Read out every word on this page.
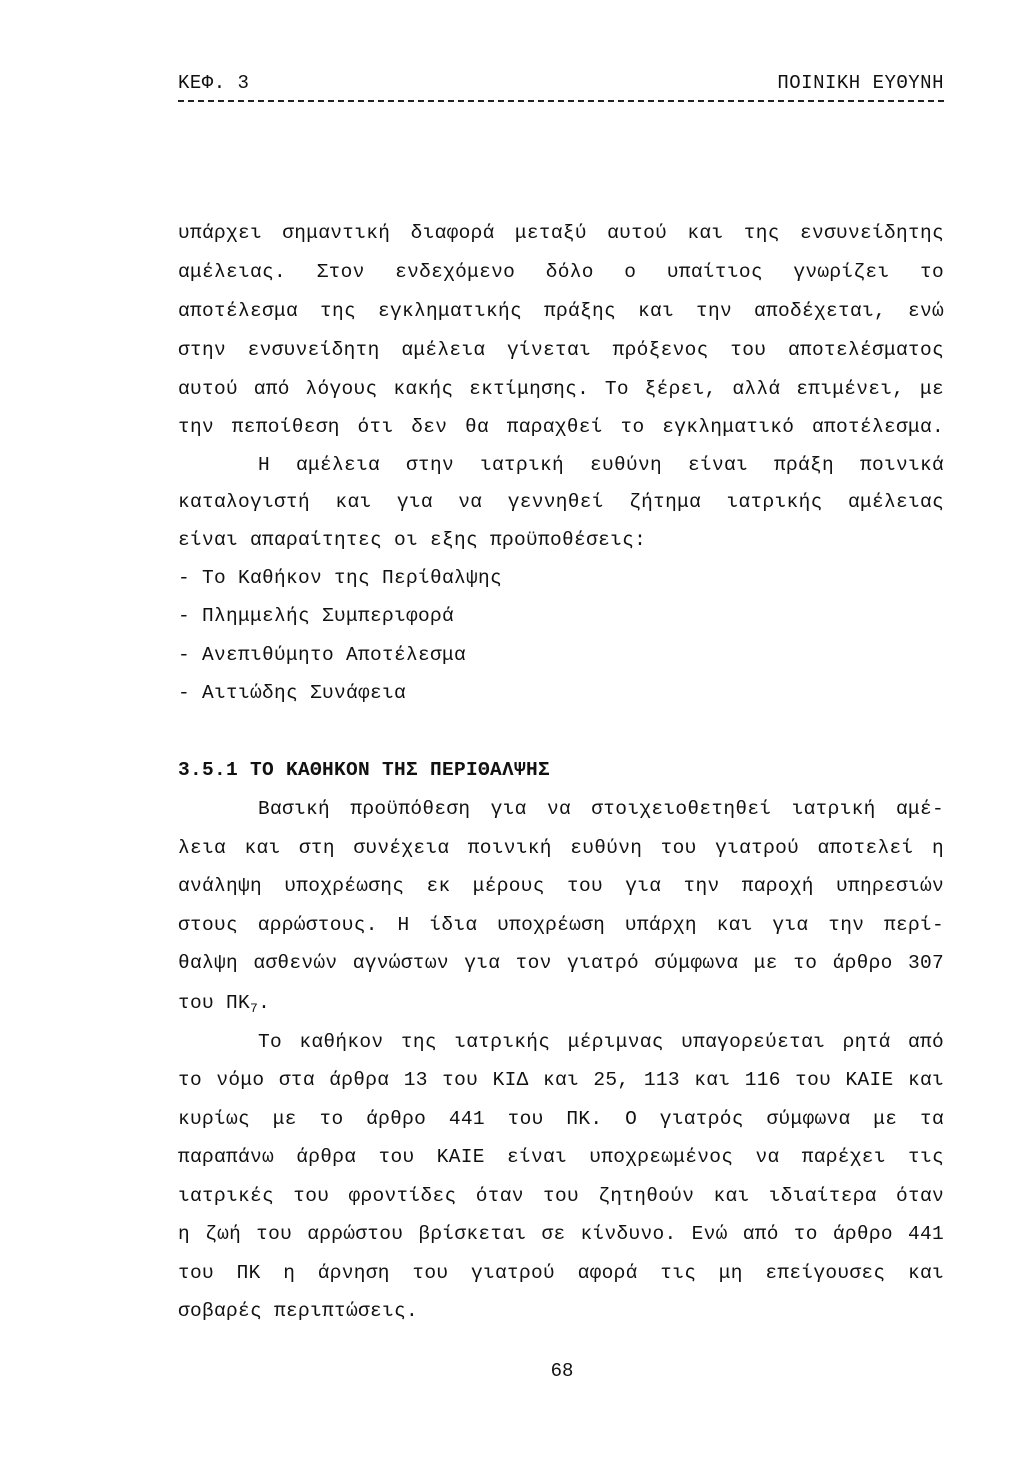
ΚΕΦ. 3	ΠΟΙΝΙΚΗ ΕΥΘΥΝΗ
υπάρχει σημαντική διαφορά μεταξύ αυτού και της ενσυνείδητης
αμέλειας. Στον ενδεχόμενο δόλο ο υπαίτιος γνωρίζει το
αποτέλεσμα της εγκληματικής πράξης και την αποδέχεται, ενώ
στην ενσυνείδητη αμέλεια γίνεται πρόξενος του αποτελέσματος
αυτού από λόγους κακής εκτίμησης. Το ξέρει, αλλά επιμένει, με
την πεποίθεση ότι δεν θα παραχθεί το εγκληματικό αποτέλεσμα.
Η αμέλεια στην ιατρική ευθύνη είναι πράξη ποινικά
καταλογιστή και για να γεννηθεί ζήτημα ιατρικής αμέλειας
είναι απαραίτητες οι εξης προϋποθέσεις:
- Το Καθήκον της Περίθαλψης
- Πλημμελής Συμπεριφορά
- Ανεπιθύμητο Αποτέλεσμα
- Αιτιώδης Συνάφεια
3.5.1 ΤΟ ΚΑΘΗΚΟΝ ΤΗΣ ΠΕΡΙΘΑΛΨΗΣ
Βασική προϋπόθεση για να στοιχειοθετηθεί ιατρική αμέ-
λεια και στη συνέχεια ποινική ευθύνη του γιατρού αποτελεί η
ανάληψη υποχρέωσης εκ μέρους του για την παροχή υπηρεσιών
στους αρρώστους. Η ίδια υποχρέωση υπάρχη και για την περί-
θαλψη ασθενών αγνώστων για τον γιατρό σύμφωνα με το άρθρο 307
του $\Pi K_7$.
Το καθήκον της ιατρικής μέριμνας υπαγορεύεται ρητά από
το νόμο στα άρθρα 13 του ΚΙΔ και 25, 113 και 116 του ΚΑΙΕ και
κυρίως με το άρθρο 441 του ΠΚ. Ο γιατρός σύμφωνα με τα
παραπάνω άρθρα του ΚΑΙΕ είναι υποχρεωμένος να παρέχει τις
ιατρικές του φροντίδες όταν του ζητηθούν και ιδιαίτερα όταν
η ζωή του αρρώστου βρίσκεται σε κίνδυνο. Ενώ από το άρθρο 441
του ΠΚ η άρνηση του γιατρού αφορά τις μη επείγουσες και
σοβαρές περιπτώσεις.
68
